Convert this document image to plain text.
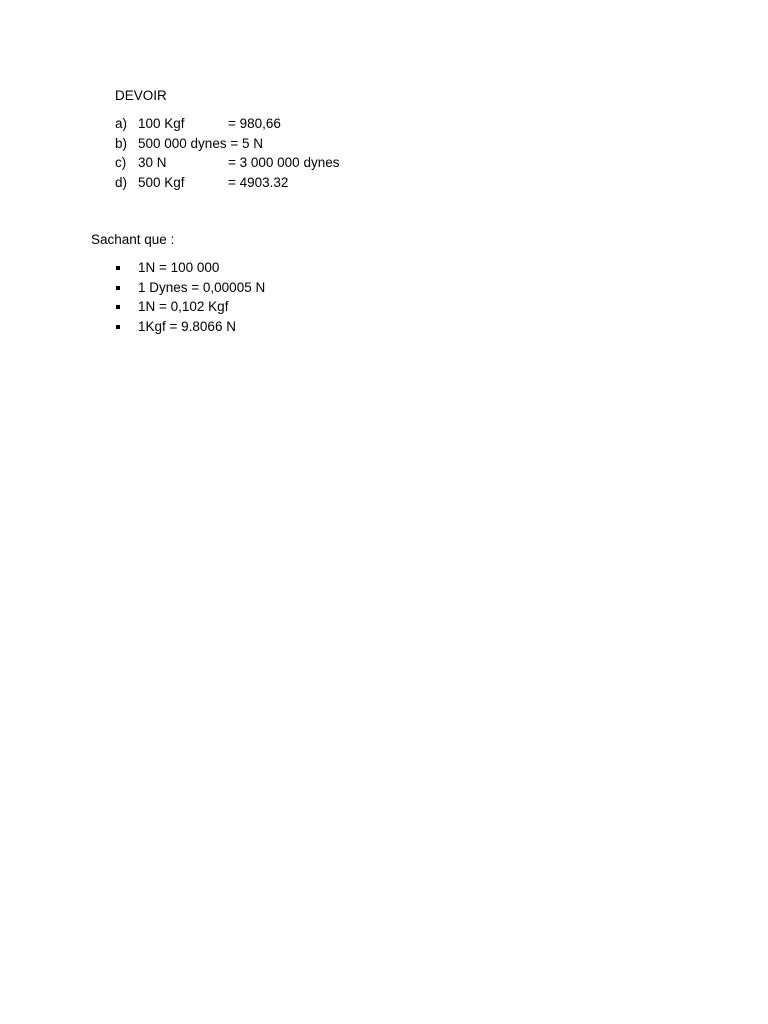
DEVOIR
a) 100 Kgf	= 980,66
b) 500 000 dynes = 5 N
c) 30 N	= 3 000 000 dynes
d) 500 Kgf	= 4903.32
Sachant que :
1N = 100 000
1 Dynes = 0,00005 N
1N = 0,102 Kgf
1Kgf = 9.8066 N
